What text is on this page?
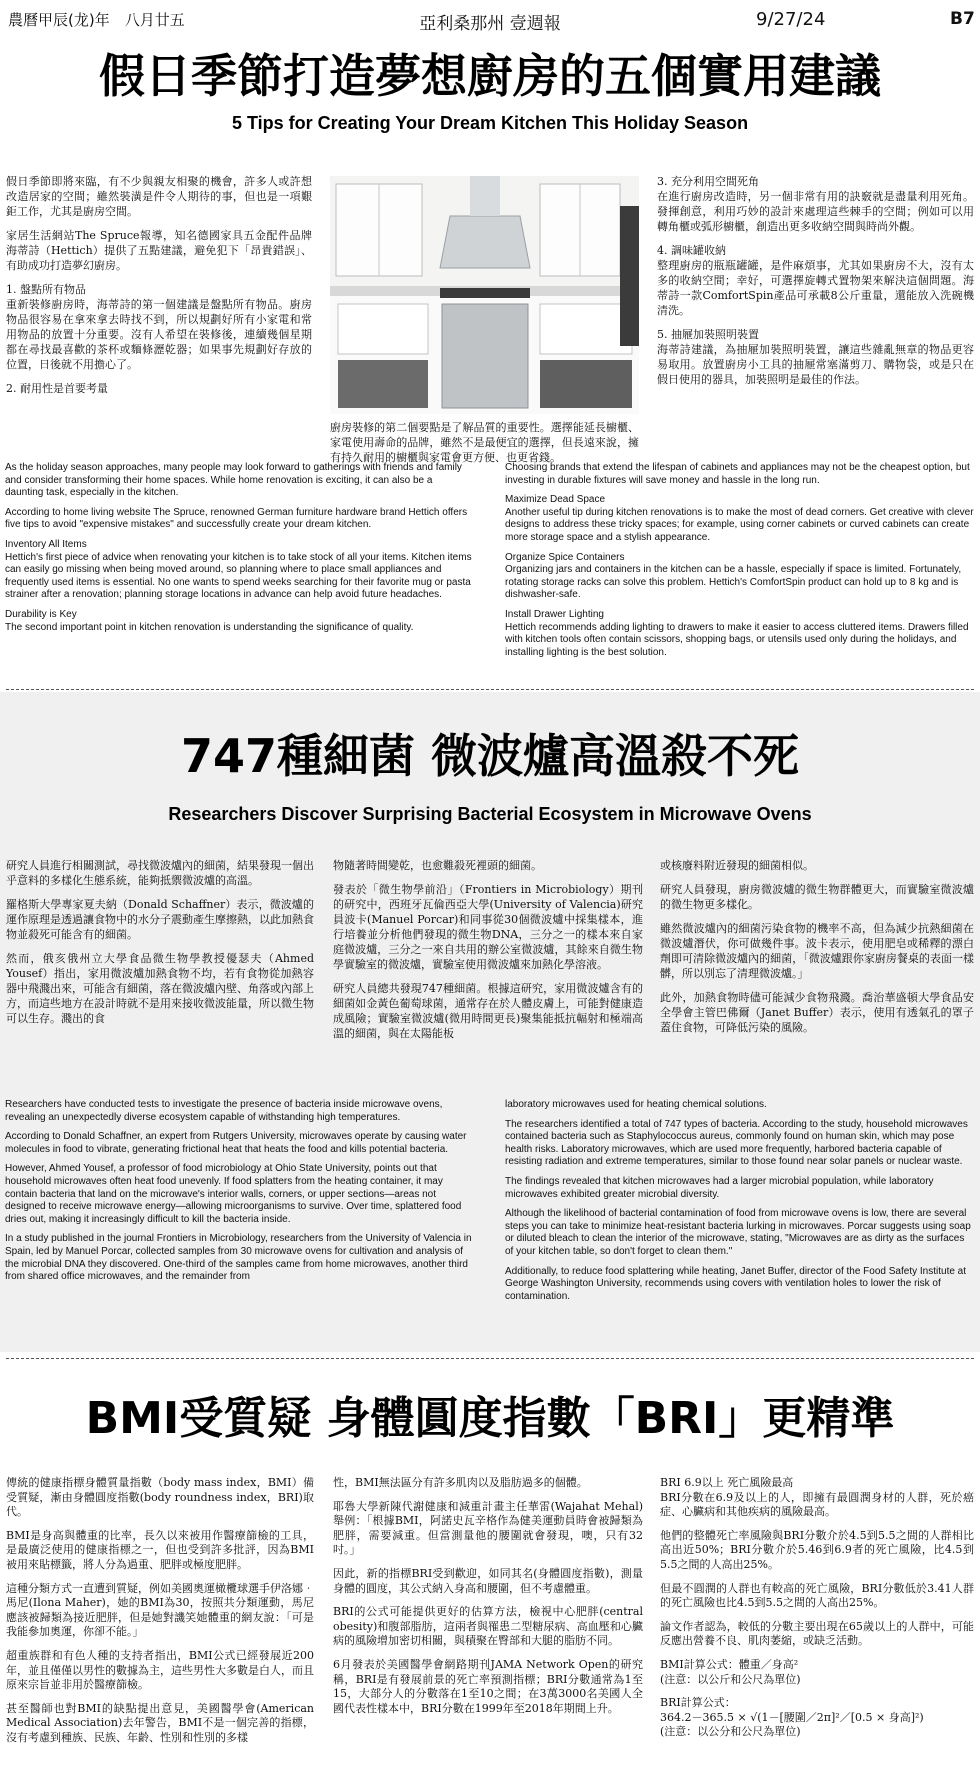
農曆甲辰(龙)年　八月廿五	亞利桑那州 壹週報	9/27/24	B7
假日季節打造夢想廚房的五個實用建議
5 Tips for Creating Your Dream Kitchen This Holiday Season

假日季節即將來臨，有不少與親友相聚的機會，許多人或許想改造居家的空間；雖然裝潢是件令人期待的事，但也是一項艱鉅工作，尤其是廚房空間。

家居生活網站The Spruce報導，知名德國家具五金配件品牌海蒂詩（Hettich）提供了五點建議，避免犯下「昂貴錯誤」、有助成功打造夢幻廚房。

1. 盤點所有物品
重新裝修廚房時，海蒂詩的第一個建議是盤點所有物品。廚房物品很容易在拿來拿去時找不到，所以規劃好所有小家電和常用物品的放置十分重要。沒有人希望在裝修後，連續幾個星期都在尋找最喜歡的茶杯或麵條瀝乾器；如果事先規劃好存放的位置，日後就不用擔心了。

2. 耐用性是首要考量

廚房裝修的第二個要點是了解品質的重要性。選擇能延長櫥櫃、家電使用壽命的品牌，雖然不是最便宜的選擇，但長遠來說，擁有持久耐用的櫥櫃與家電會更方便、也更省錢。

3. 充分利用空間死角
在進行廚房改造時，另一個非常有用的訣竅就是盡量利用死角。發揮創意，利用巧妙的設計來處理這些棘手的空間；例如可以用轉角櫃或弧形櫥櫃，創造出更多收納空間與時尚外觀。

4. 調味罐收納
整理廚房的瓶瓶罐罐，是件麻煩事，尤其如果廚房不大，沒有太多的收納空間；幸好，可選擇旋轉式置物架來解決這個問題。海蒂詩一款ComfortSpin產品可承載8公斤重量，還能放入洗碗機清洗。

5. 抽屜加裝照明裝置
海蒂詩建議，為抽屜加裝照明裝置，讓這些雜亂無章的物品更容易取用。放置廚房小工具的抽屜常塞滿剪刀、購物袋，或是只在假日使用的器具，加裝照明是最佳的作法。

As the holiday season approaches, many people may look forward to gatherings with friends and family and consider transforming their home spaces. While home renovation is exciting, it can also be a daunting task, especially in the kitchen.

According to home living website The Spruce, renowned German furniture hardware brand Hettich offers five tips to avoid "expensive mistakes" and successfully create your dream kitchen.

Inventory All Items
Hettich's first piece of advice when renovating your kitchen is to take stock of all your items. Kitchen items can easily go missing when being moved around, so planning where to place small appliances and frequently used items is essential. No one wants to spend weeks searching for their favorite mug or pasta strainer after a renovation; planning storage locations in advance can help avoid future headaches.

Durability is Key
The second important point in kitchen renovation is understanding the significance of quality.

Choosing brands that extend the lifespan of cabinets and appliances may not be the cheapest option, but investing in durable fixtures will save money and hassle in the long run.

Maximize Dead Space
Another useful tip during kitchen renovations is to make the most of dead corners. Get creative with clever designs to address these tricky spaces; for example, using corner cabinets or curved cabinets can create more storage space and a stylish appearance.

Organize Spice Containers
Organizing jars and containers in the kitchen can be a hassle, especially if space is limited. Fortunately, rotating storage racks can solve this problem. Hettich's ComfortSpin product can hold up to 8 kg and is dishwasher-safe.

Install Drawer Lighting
Hettich recommends adding lighting to drawers to make it easier to access cluttered items. Drawers filled with kitchen tools often contain scissors, shopping bags, or utensils used only during the holidays, and installing lighting is the best solution.

747種細菌 微波爐高溫殺不死
Researchers Discover Surprising Bacterial Ecosystem in Microwave Ovens

研究人員進行相關測試，尋找微波爐內的細菌，結果發現一個出乎意料的多樣化生態系統，能夠抵禦微波爐的高溫。

羅格斯大學專家夏夫納（Donald Schaffner）表示，微波爐的運作原理是透過讓食物中的水分子震動產生摩擦熱，以此加熱食物並殺死可能含有的細菌。

然而，俄亥俄州立大學食品微生物學教授優瑟夫（Ahmed Yousef）指出，家用微波爐加熱食物不均，若有食物從加熱容器中飛濺出來，可能含有細菌，落在微波爐內壁、角落或內部上方，而這些地方在設計時就不是用來接收微波能量，所以微生物可以生存。濺出的食

物隨著時間變乾，也愈難殺死裡頭的細菌。

發表於「微生物學前沿」（Frontiers in Microbiology）期刊的研究中，西班牙瓦倫西亞大學(University of Valencia)研究員波卡(Manuel Porcar)和同事從30個微波爐中採集樣本，進行培養並分析他們發現的微生物DNA，三分之一的樣本來自家庭微波爐，三分之一來自共用的辦公室微波爐，其餘來自微生物學實驗室的微波爐，實驗室使用微波爐來加熱化學溶液。

研究人員總共發現747種細菌。根據這研究，家用微波爐含有的細菌如金黃色葡萄球菌，通常存在於人體皮膚上，可能對健康造成風險；實驗室微波爐(微用時間更長)聚集能抵抗輻射和極端高溫的細菌，與在太陽能板

或核廢料附近發現的細菌相似。

研究人員發現，廚房微波爐的微生物群體更大，而實驗室微波爐的微生物更多樣化。

雖然微波爐內的細菌污染食物的機率不高，但為減少抗熱細菌在微波爐潛伏，你可做幾件事。波卡表示，使用肥皂或稀釋的漂白劑即可清除微波爐內的細菌，「微波爐跟你家廚房餐桌的表面一樣髒，所以別忘了清理微波爐。」

此外，加熱食物時儘可能減少食物飛濺。喬治華盛頓大學食品安全學會主管巴佛爾（Janet Buffer）表示，使用有透氣孔的罩子蓋住食物，可降低污染的風險。

Researchers have conducted tests to investigate the presence of bacteria inside microwave ovens, revealing an unexpectedly diverse ecosystem capable of withstanding high temperatures.

According to Donald Schaffner, an expert from Rutgers University, microwaves operate by causing water molecules in food to vibrate, generating frictional heat that heats the food and kills potential bacteria.

However, Ahmed Yousef, a professor of food microbiology at Ohio State University, points out that household microwaves often heat food unevenly. If food splatters from the heating container, it may contain bacteria that land on the microwave's interior walls, corners, or upper sections—areas not designed to receive microwave energy—allowing microorganisms to survive. Over time, splattered food dries out, making it increasingly difficult to kill the bacteria inside.

In a study published in the journal Frontiers in Microbiology, researchers from the University of Valencia in Spain, led by Manuel Porcar, collected samples from 30 microwave ovens for cultivation and analysis of the microbial DNA they discovered. One-third of the samples came from home microwaves, another third from shared office microwaves, and the remainder from

laboratory microwaves used for heating chemical solutions.

The researchers identified a total of 747 types of bacteria. According to the study, household microwaves contained bacteria such as Staphylococcus aureus, commonly found on human skin, which may pose health risks. Laboratory microwaves, which are used more frequently, harbored bacteria capable of resisting radiation and extreme temperatures, similar to those found near solar panels or nuclear waste.

The findings revealed that kitchen microwaves had a larger microbial population, while laboratory microwaves exhibited greater microbial diversity.

Although the likelihood of bacterial contamination of food from microwave ovens is low, there are several steps you can take to minimize heat-resistant bacteria lurking in microwaves. Porcar suggests using soap or diluted bleach to clean the interior of the microwave, stating, "Microwaves are as dirty as the surfaces of your kitchen table, so don't forget to clean them."

Additionally, to reduce food splattering while heating, Janet Buffer, director of the Food Safety Institute at George Washington University, recommends using covers with ventilation holes to lower the risk of contamination.

BMI受質疑 身體圓度指數「BRI」更精準

傳統的健康指標身體質量指數（body mass index，BMI）備受質疑，漸由身體圓度指數(body roundness index，BRI)取代。

BMI是身高與體重的比率，長久以來被用作醫療篩檢的工具，是最廣泛使用的健康指標之一，但也受到許多批評，因為BMI被用來貼標籤，將人分為過重、肥胖或極度肥胖。

這種分類方式一直遭到質疑，例如美國奧運橄欖球選手伊洛娜‧馬尼(Ilona Maher)，她的BMI為30，按照共分類運動，馬尼應該被歸類為接近肥胖，但是她對譏笑她體重的網友說：「可是我能參加奧運，你卻不能。」

超重族群和有色人種的支持者指出，BMI公式已經發展近200年，並且僅僅以男性的數據為主，這些男性大多數是白人，而且原來宗旨並非用於醫療篩檢。

甚至醫師也對BMI的缺點提出意見，美國醫學會(American Medical Association)去年警告，BMI不是一個完善的指標，沒有考慮到種族、民族、年齡、性別和性別的多樣

性，BMI無法區分有許多肌肉以及脂肪過多的個體。

耶魯大學新陳代謝健康和減重計畫主任華雷(Wajahat Mehal)舉例：「根據BMI，阿諾史瓦辛格作為健美運動員時會被歸類為肥胖，需要減重。但當測量他的腰圍就會發現，噢，只有32吋。」

因此，新的指標BRI受到歡迎，如同其名(身體圓度指數)，測量身體的圓度，其公式納入身高和腰圍，但不考慮體重。

BRI的公式可能提供更好的估算方法，檢視中心肥胖(central obesity)和腹部脂肪，這兩者與罹患二型糖尿病、高血壓和心臟病的風險增加密切相關，與積聚在臀部和大腿的脂肪不同。

6月發表於美國醫學會網路期刊JAMA Network Open的研究稱，BRI是有發展前景的死亡率預測指標；BRI分數通常為1至15，大部分人的分數落在1至10之間；在3萬3000名美國人全國代表性樣本中，BRI分數在1999年至2018年期間上升。

BRI 6.9以上 死亡風險最高
BRI分數在6.9及以上的人，即擁有最圓潤身材的人群，死於癌症、心臟病和其他疾病的風險最高。

他們的整體死亡率風險與BRI分數介於4.5到5.5之間的人群相比高出近50%；BRI分數介於5.46到6.9者的死亡風險，比4.5到5.5之間的人高出25%。

但最不圓潤的人群也有較高的死亡風險，BRI分數低於3.41人群的死亡風險也比4.5到5.5之間的人高出25%。

論文作者認為，較低的分數主要出現在65歲以上的人群中，可能反應出營養不良、肌肉萎縮，或缺乏活動。

BMI計算公式：體重／身高²
(注意：以公斤和公尺為單位)

BRI計算公式：
364.2－365.5 × √(1－[腰圍／2π]²／[0.5 × 身高]²)
(注意：以公分和公尺為單位)
